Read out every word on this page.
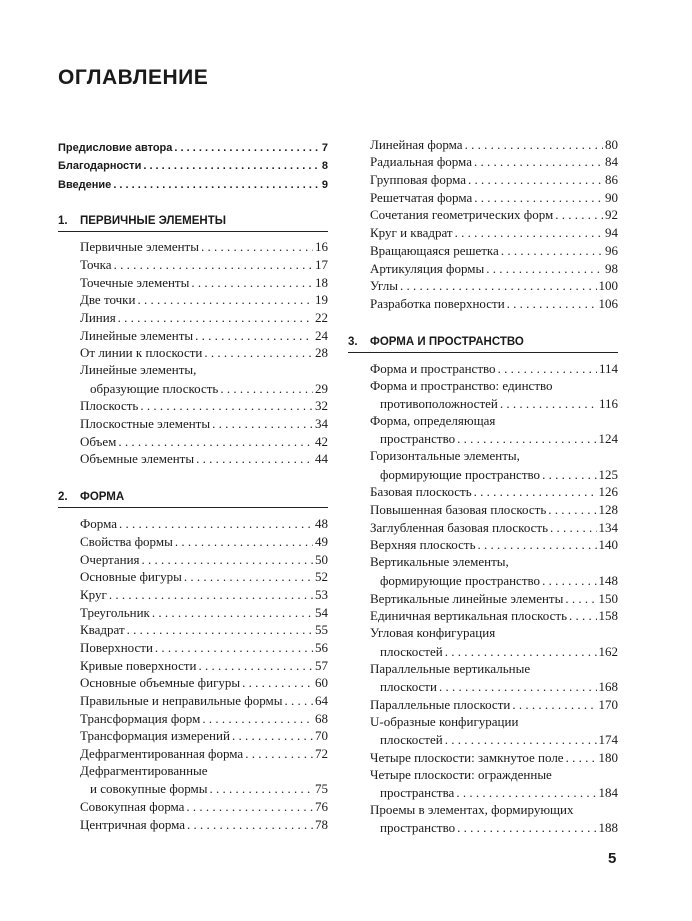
ОГЛАВЛЕНИЕ
Предисловие автора . . .	7
Благодарности . . .	8
Введение . . .	9
1. ПЕРВИЧНЫЕ ЭЛЕМЕНТЫ
Первичные элементы . . .	16
Точка . . .	17
Точечные элементы . . .	18
Две точки . . .	19
Линия . . .	22
Линейные элементы . . .	24
От линии к плоскости . . .	28
Линейные элементы,
образующие плоскость . . .	29
Плоскость . . .	32
Плоскостные элементы . . .	34
Объем . . .	42
Объемные элементы . . .	44
2. ФОРМА
Форма . . .	48
Свойства формы . . .	49
Очертания . . .	50
Основные фигуры . . .	52
Круг . . .	53
Треугольник . . .	54
Квадрат . . .	55
Поверхности . . .	56
Кривые поверхности . . .	57
Основные объемные фигуры . . .	60
Правильные и неправильные формы . . .	64
Трансформация форм . . .	68
Трансформация измерений . . .	70
Дефрагментированная форма . . .	72
Дефрагментированные
и совокупные формы . . .	75
Совокупная форма . . .	76
Центричная форма . . .	78
Линейная форма . . .	80
Радиальная форма . . .	84
Групповая форма . . .	86
Решетчатая форма . . .	90
Сочетания геометрических форм . . .	92
Круг и квадрат . . .	94
Вращающаяся решетка . . .	96
Артикуляция формы . . .	98
Углы . . .	100
Разработка поверхности . . .	106
3. ФОРМА И ПРОСТРАНСТВО
Форма и пространство . . .	114
Форма и пространство: единство
противоположностей . . .	116
Форма, определяющая
пространство . . .	124
Горизонтальные элементы,
формирующие пространство . . .	125
Базовая плоскость . . .	126
Повышенная базовая плоскость . . .	128
Заглубленная базовая плоскость . . .	134
Верхняя плоскость . . .	140
Вертикальные элементы,
формирующие пространство . . .	148
Вертикальные линейные элементы . . .	150
Единичная вертикальная плоскость . . . 158
Угловая конфигурация
плоскостей . . .	162
Параллельные вертикальные
плоскости . . .	168
Параллельные плоскости . . .	170
U-образные конфигурации
плоскостей . . .	174
Четыре плоскости: замкнутое поле . . .	180
Четыре плоскости: огражденные
пространства . . .	184
Проемы в элементах, формирующих
пространство . . .	188
5
